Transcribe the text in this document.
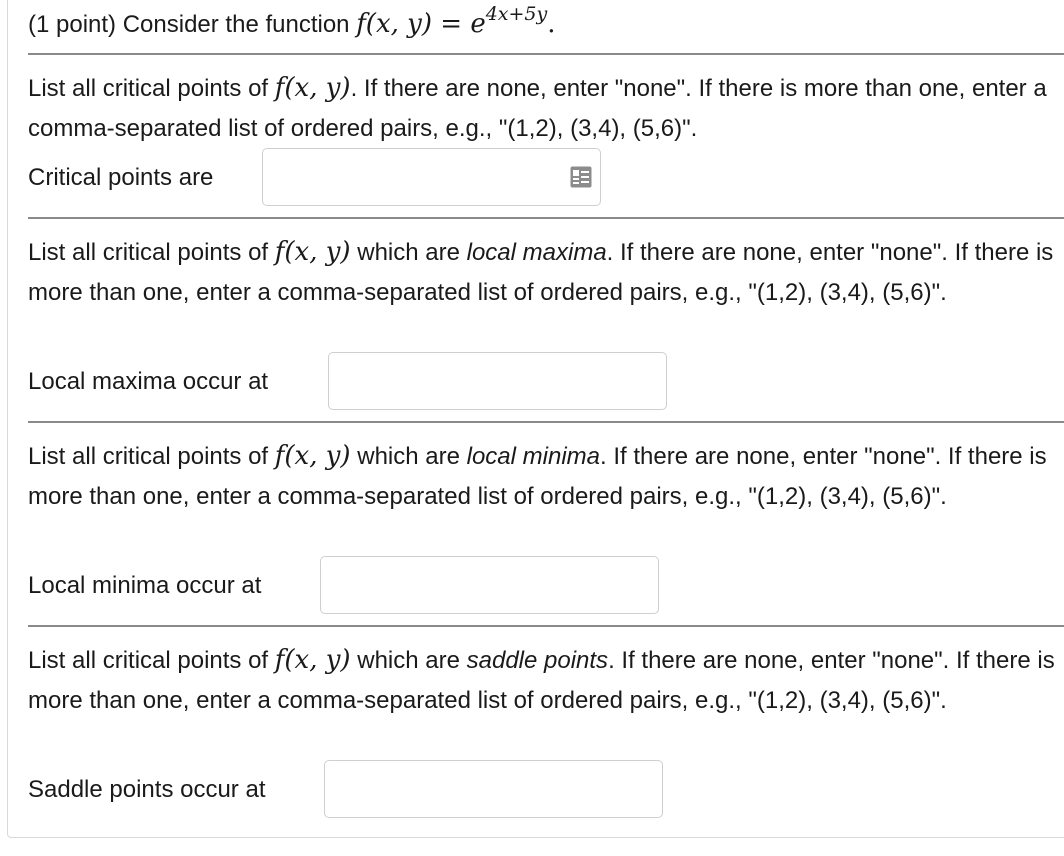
(1 point) Consider the function f(x, $y) = e^{4x+5y}$.

List all critical points of f(x, y). If there are none, enter "none". If there is more than one, enter a comma-separated list of ordered pairs, e.g., "(1,2), (3,4), (5,6)".

Critical points are

List all critical points of f(x, y) which are local maxima. If there are none, enter "none". If there is more than one, enter a comma-separated list of ordered pairs, e.g., "(1,2), (3,4), (5,6)".

Local maxima occur at

List all critical points of f(x, y) which are local minima. If there are none, enter "none". If there is more than one, enter a comma-separated list of ordered pairs, e.g., "(1,2), (3,4), (5,6)".

Local minima occur at

List all critical points of f(x, y) which are saddle points. If there are none, enter "none". If there is more than one, enter a comma-separated list of ordered pairs, e.g., "(1,2), (3,4), (5,6)".

Saddle points occur at
